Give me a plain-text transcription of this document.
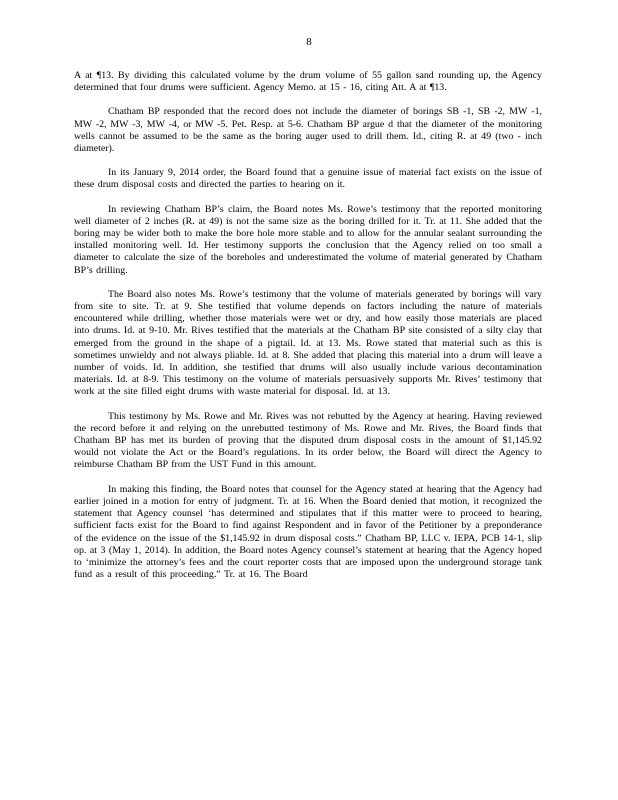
8

A at ¶13. By dividing this calculated volume by the drum volume of 55 gallon sand rounding up, the Agency determined that four drums were sufficient. Agency Memo. at 15 - 16, citing Att. A at ¶13.

Chatham BP responded that the record does not include the diameter of borings SB -1, SB -2, MW -1, MW -2, MW -3, MW -4, or MW -5. Pet. Resp. at 5-6. Chatham BP argue d that the diameter of the monitoring wells cannot be assumed to be the same as the boring auger used to drill them. Id., citing R. at 49 (two - inch diameter).

In its January 9, 2014 order, the Board found that a genuine issue of material fact exists on the issue of these drum disposal costs and directed the parties to hearing on it.

In reviewing Chatham BP’s claim, the Board notes Ms. Rowe’s testimony that the reported monitoring well diameter of 2 inches (R. at 49) is not the same size as the boring drilled for it. Tr. at 11. She added that the boring may be wider both to make the bore hole more stable and to allow for the annular sealant surrounding the installed monitoring well. Id. Her testimony supports the conclusion that the Agency relied on too small a diameter to calculate the size of the boreholes and underestimated the volume of material generated by Chatham BP’s drilling.

The Board also notes Ms. Rowe’s testimony that the volume of materials generated by borings will vary from site to site. Tr. at 9. She testified that volume depends on factors including the nature of materials encountered while drilling, whether those materials were wet or dry, and how easily those materials are placed into drums. Id. at 9-10. Mr. Rives testified that the materials at the Chatham BP site consisted of a silty clay that emerged from the ground in the shape of a pigtail. Id. at 13. Ms. Rowe stated that material such as this is sometimes unwieldy and not always pliable. Id. at 8. She added that placing this material into a drum will leave a number of voids. Id. In addition, she testified that drums will also usually include various decontamination materials. Id. at 8-9. This testimony on the volume of materials persuasively supports Mr. Rives’ testimony that work at the site filled eight drums with waste material for disposal. Id. at 13.

This testimony by Ms. Rowe and Mr. Rives was not rebutted by the Agency at hearing. Having reviewed the record before it and relying on the unrebutted testimony of Ms. Rowe and Mr. Rives, the Board finds that Chatham BP has met its burden of proving that the disputed drum disposal costs in the amount of $1,145.92 would not violate the Act or the Board’s regulations. In its order below, the Board will direct the Agency to reimburse Chatham BP from the UST Fund in this amount.

In making this finding, the Board notes that counsel for the Agency stated at hearing that the Agency had earlier joined in a motion for entry of judgment. Tr. at 16. When the Board denied that motion, it recognized the statement that Agency counsel ‘has determined and stipulates that if this matter were to proceed to hearing, sufficient facts exist for the Board to find against Respondent and in favor of the Petitioner by a preponderance of the evidence on the issue of the $1,145.92 in drum disposal costs.” Chatham BP, LLC v. IEPA, PCB 14-1, slip op. at 3 (May 1, 2014). In addition, the Board notes Agency counsel’s statement at hearing that the Agency hoped to ‘minimize the attorney’s fees and the court reporter costs that are imposed upon the underground storage tank fund as a result of this proceeding.” Tr. at 16. The Board
